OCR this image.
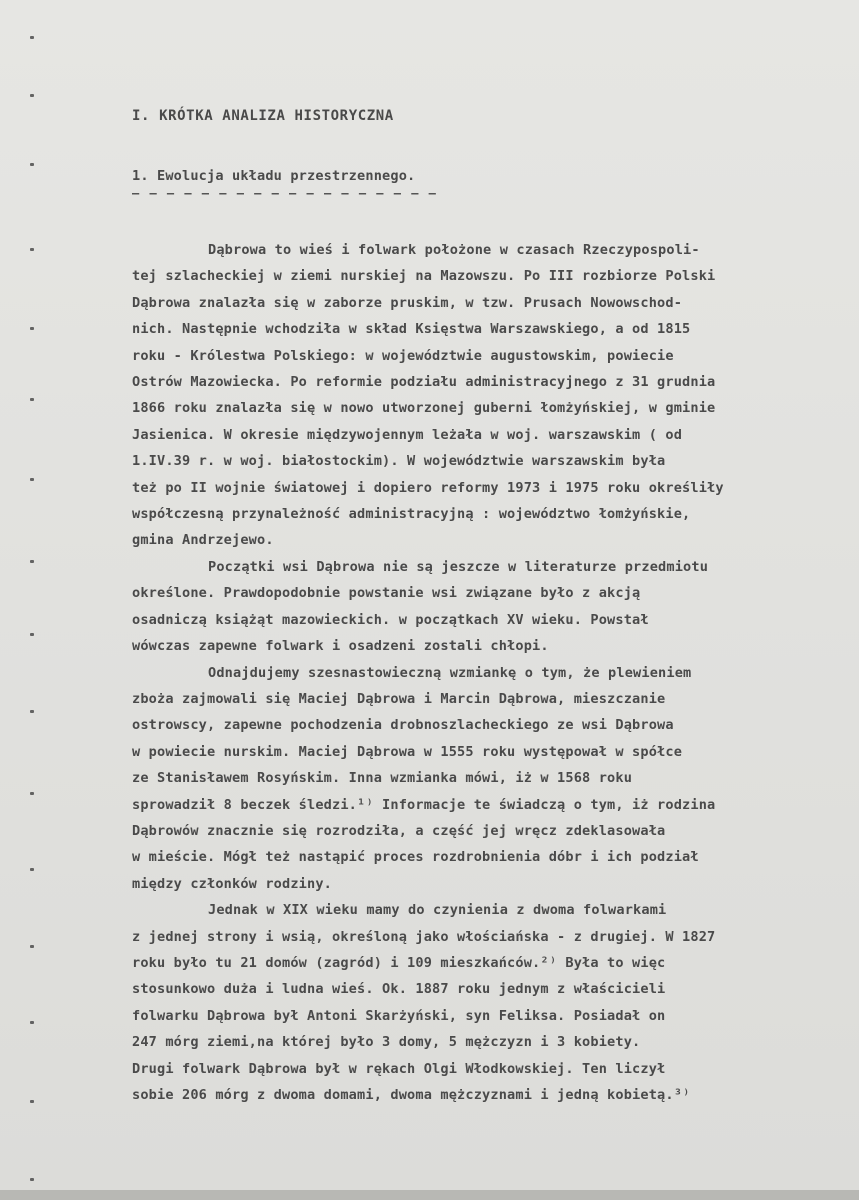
I. KRÓTKA ANALIZA HISTORYCZNA
1. Ewolucja układu przestrzennego.
— — — — — — — — — — — — — — — — — —
Dąbrowa to wieś i folwark położone w czasach Rzeczypospoli-
tej szlacheckiej w ziemi nurskiej na Mazowszu. Po III rozbiorze Polski
Dąbrowa znalazła się w zaborze pruskim, w tzw. Prusach Nowowschod-
nich. Następnie wchodziła w skład Księstwa Warszawskiego, a od 1815
roku - Królestwa Polskiego: w województwie augustowskim, powiecie
Ostrów Mazowiecka. Po reformie podziału administracyjnego z 31 grudnia
1866 roku znalazła się w nowo utworzonej guberni łomżyńskiej, w gminie
Jasienica. W okresie międzywojennym leżała w woj. warszawskim ( od
1.IV.39 r. w woj. białostockim). W województwie warszawskim była
też po II wojnie światowej i dopiero reformy 1973 i 1975 roku określiły
współczesną przynależność administracyjną : województwo łomżyńskie,
gmina Andrzejewo.
Początki wsi Dąbrowa nie są jeszcze w literaturze przedmiotu
określone. Prawdopodobnie powstanie wsi związane było z akcją
osadniczą książąt mazowieckich. w początkach XV wieku. Powstał
wówczas zapewne folwark i osadzeni zostali chłopi.
Odnajdujemy szesnastowieczną wzmiankę o tym, że plewieniem
zboża zajmowali się Maciej Dąbrowa i Marcin Dąbrowa, mieszczanie
ostrowscy, zapewne pochodzenia drobnoszlacheckiego ze wsi Dąbrowa
w powiecie nurskim. Maciej Dąbrowa w 1555 roku występował w spółce
ze Stanisławem Rosyńskim. Inna wzmianka mówi, iż w 1568 roku
sprowadził 8 beczek śledzi.¹⁾ Informacje te świadczą o tym, iż rodzina
Dąbrowów znacznie się rozrodziła, a część jej wręcz zdeklasowała
w mieście. Mógł też nastąpić proces rozdrobnienia dóbr i ich podział
między członków rodziny.
Jednak w XIX wieku mamy do czynienia z dwoma folwarkami
z jednej strony i wsią, określoną jako włościańska - z drugiej. W 1827
roku było tu 21 domów (zagród) i 109 mieszkańców.²⁾ Była to więc
stosunkowo duża i ludna wieś. Ok. 1887 roku jednym z właścicieli
folwarku Dąbrowa był Antoni Skarżyński, syn Feliksa. Posiadał on
247 mórg ziemi,na której było 3 domy, 5 mężczyzn i 3 kobiety.
Drugi folwark Dąbrowa był w rękach Olgi Włodkowskiej. Ten liczył
sobie 206 mórg z dwoma domami, dwoma mężczyznami i jedną kobietą.³⁾
